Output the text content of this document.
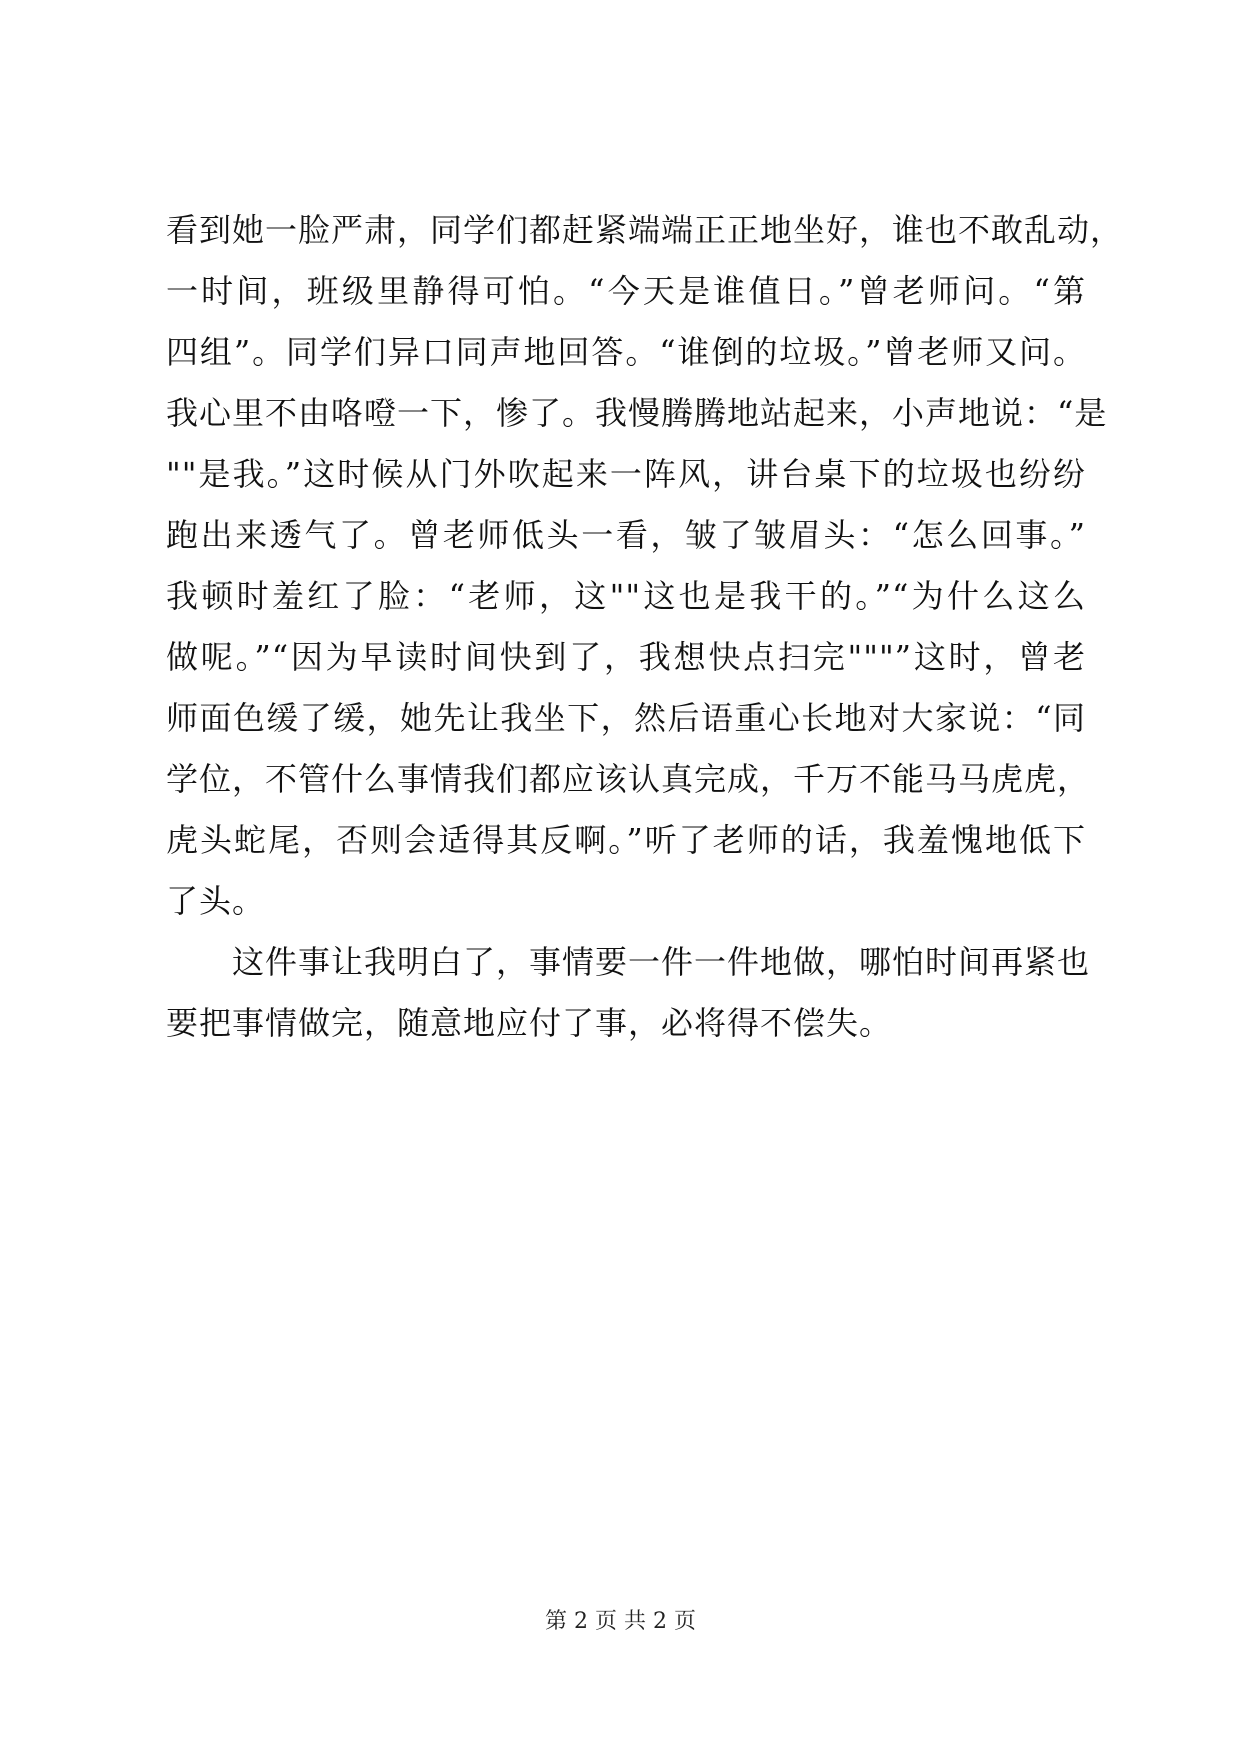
看到她一脸严肃，同学们都赶紧端端正正地坐好，谁也不敢乱动，
一时间，班级里静得可怕。“今天是谁值日。”曾老师问。“第
四组”。同学们异口同声地回答。“谁倒的垃圾。”曾老师又问。
我心里不由咯噔一下，惨了。我慢腾腾地站起来，小声地说：“是
""是我。”这时候从门外吹起来一阵风，讲台桌下的垃圾也纷纷
跑出来透气了。曾老师低头一看，皱了皱眉头：“怎么回事。”
我顿时羞红了脸：“老师，这""这也是我干的。”“为什么这么
做呢。”“因为早读时间快到了，我想快点扫完"""”这时，曾老
师面色缓了缓，她先让我坐下，然后语重心长地对大家说：“同
学位，不管什么事情我们都应该认真完成，千万不能马马虎虎，
虎头蛇尾，否则会适得其反啊。”听了老师的话，我羞愧地低下
了头。
这件事让我明白了，事情要一件一件地做，哪怕时间再紧也
要把事情做完，随意地应付了事，必将得不偿失。
第 2 页 共 2 页
